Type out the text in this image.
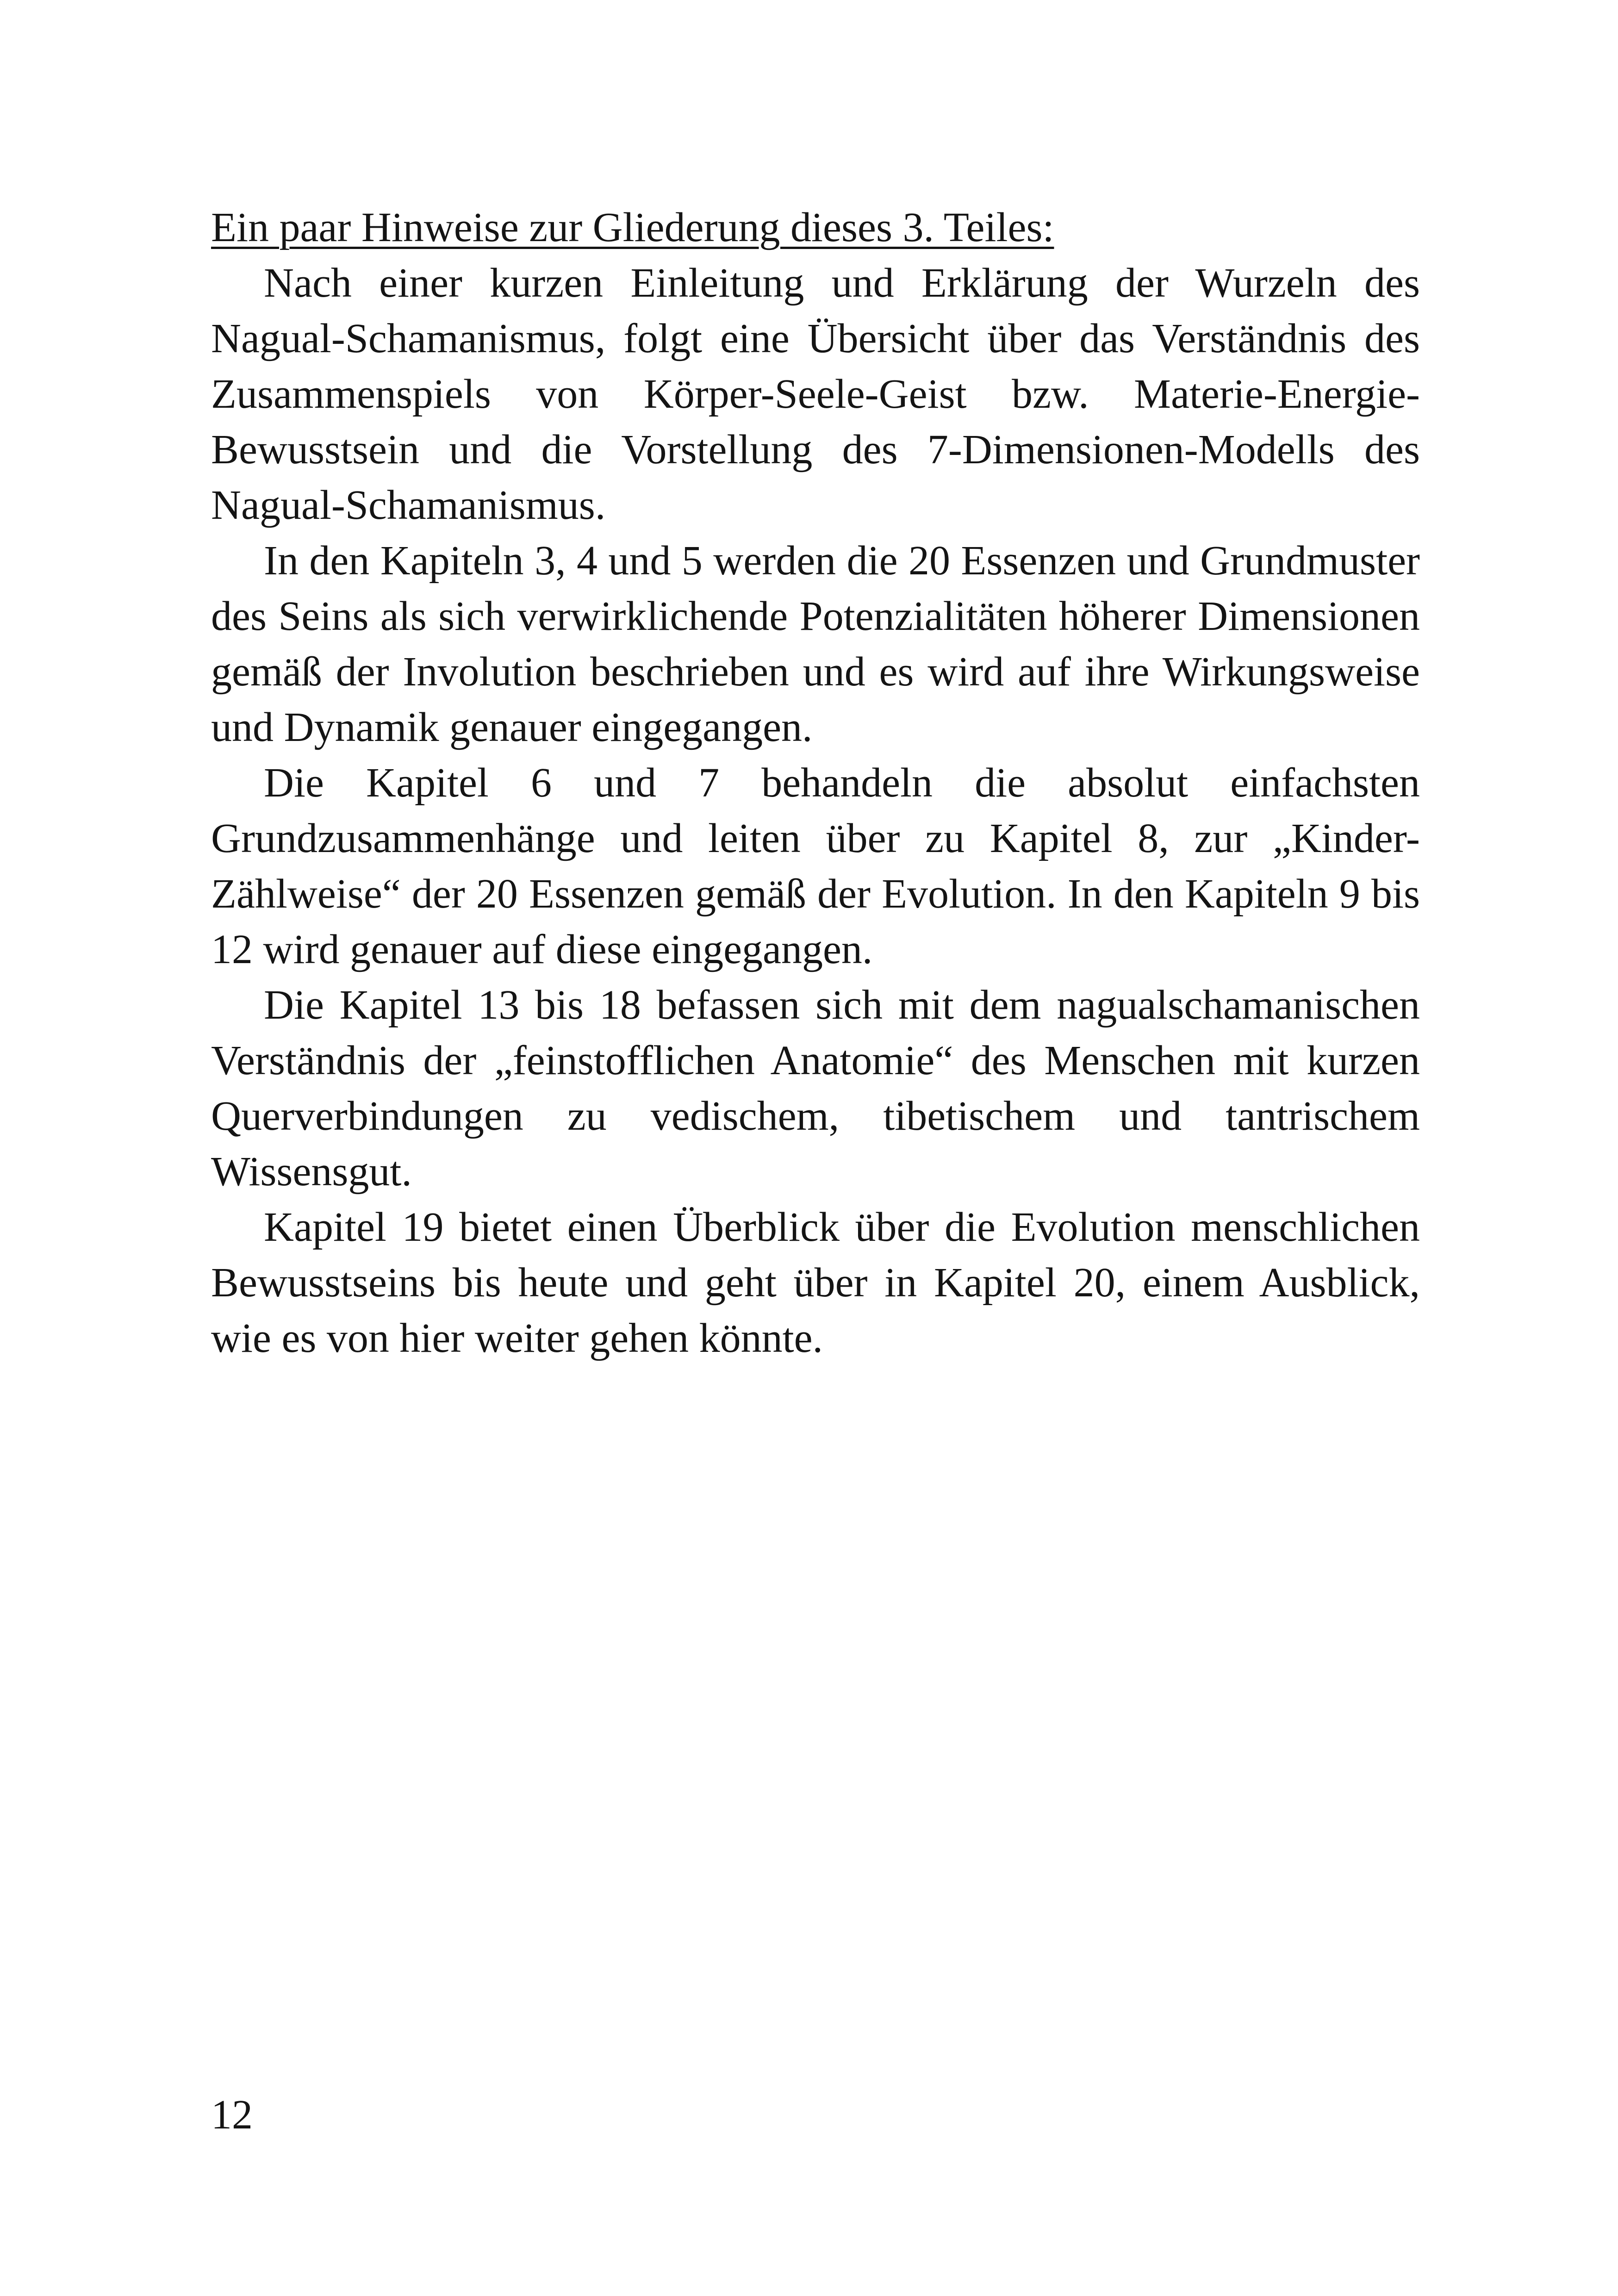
Ein paar Hinweise zur Gliederung dieses 3. Teiles:

Nach einer kurzen Einleitung und Erklärung der Wurzeln des Nagual-Schamanismus, folgt eine Übersicht über das Verständnis des Zusammenspiels von Körper-Seele-Geist bzw. Materie-Energie-Bewusstsein und die Vorstellung des 7-Dimensionen-Modells des Nagual-Schamanismus.

In den Kapiteln 3, 4 und 5 werden die 20 Essenzen und Grundmuster des Seins als sich verwirklichende Potenzialitäten höherer Dimensionen gemäß der Involution beschrieben und es wird auf ihre Wirkungsweise und Dynamik genauer eingegangen.

Die Kapitel 6 und 7 behandeln die absolut einfachsten Grundzusammenhänge und leiten über zu Kapitel 8, zur „Kinder-Zählweise“ der 20 Essenzen gemäß der Evolution. In den Kapiteln 9 bis 12 wird genauer auf diese eingegangen.

Die Kapitel 13 bis 18 befassen sich mit dem nagualschamanischen Verständnis der „feinstofflichen Anatomie“ des Menschen mit kurzen Querverbindungen zu vedischem, tibetischem und tantrischem Wissensgut.

Kapitel 19 bietet einen Überblick über die Evolution menschlichen Bewusstseins bis heute und geht über in Kapitel 20, einem Ausblick, wie es von hier weiter gehen könnte.

12
